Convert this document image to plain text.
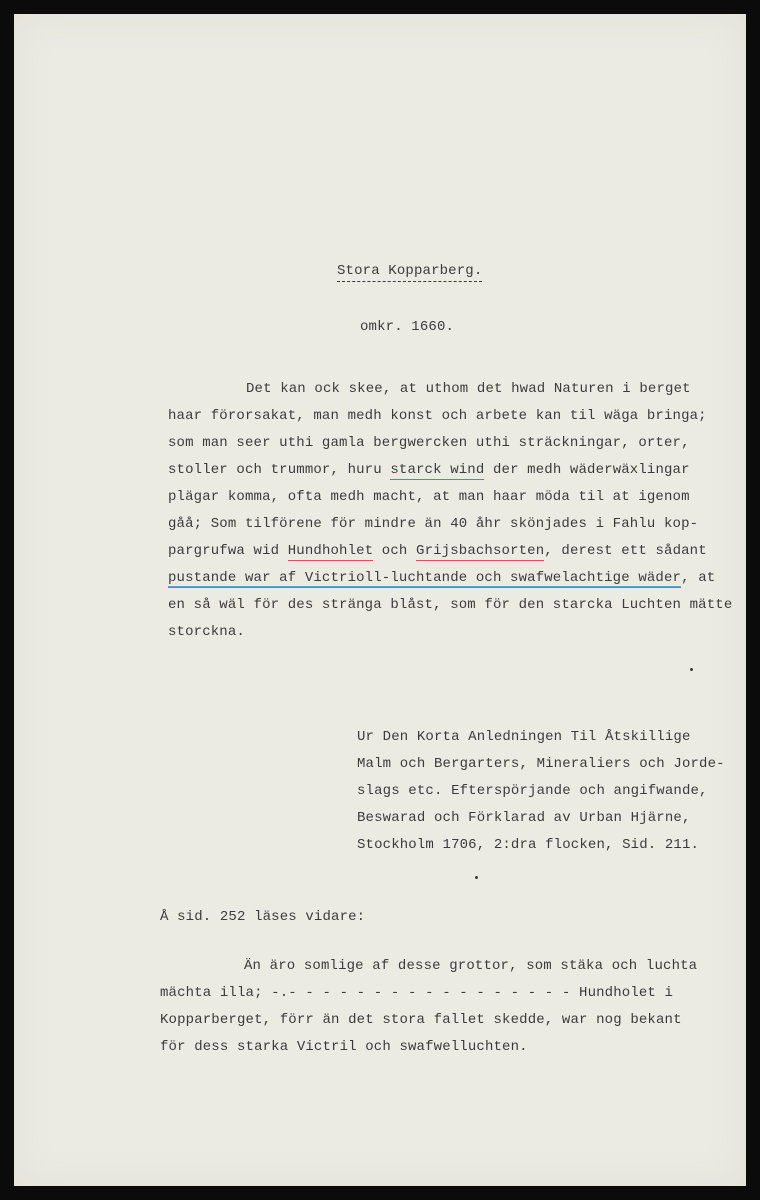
Stora Kopparberg.
omkr. 1660.
Det kan ock skee, at uthom det hwad Naturen i berget
haar förorsakat, man medh konst och arbete kan til wäga bringa;
som man seer uthi gamla bergwercken uthi sträckningar, orter,
stoller och trummor, huru starck wind der medh wäderwäxlingar
plägar komma, ofta medh macht, at man haar möda til at igenom
gåå; Som tilförene för mindre än 40 åhr skönjades i Fahlu kop-
pargrufwa wid Hundhohlet och Grijsbachsorten, derest ett sådant
pustande war af Victrioll-luchtande och swafwelachtige wäder, at
en så wäl för des stränga blåst, som för den starcka Luchten mätte
storckna.
Ur Den Korta Anledningen Til Åtskillige
Malm och Bergarters, Mineraliers och Jorde-
slags etc. Efterspörjande och angifwande,
Beswarad och Förklarad av Urban Hjärne,
Stockholm 1706, 2:dra flocken, Sid. 211.
Å sid. 252 läses vidare:
Än äro somlige af desse grottor, som stäka och luchta
mächta illa; -.- - - - - - - - - - - - - - - - - Hundholet i
Kopparberget, förr än det stora fallet skedde, war nog bekant
för dess starka Victril och swafwelluchten.
